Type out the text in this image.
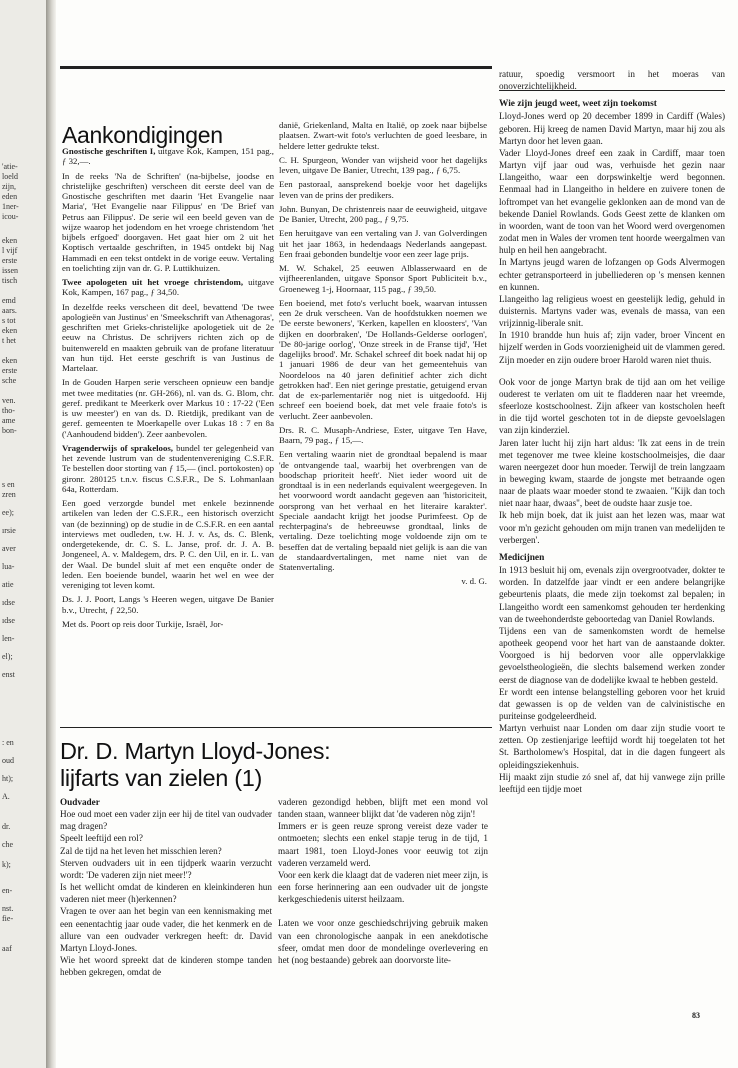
'atie-
loeld
zijn,
eden
1ner-
icou-
eken
l vijf
erste
issen
tisch
emd
aars.
s tot
eken
t het
eken
erste
sche
ven.
tho-
ame
bon-
s en
zren
ee);
ırsie
aver
lua-
atie
ıdse
ıdse
len-
el);
enst
: en
oud
ht);
A.
dr.
che
k);
en-
nst.
fie-
aaf
Aankondigingen

Gnostische geschriften I, uitgave Kok, Kampen, 151 pag., ƒ 32,—.

In de reeks 'Na de Schriften' (na-bijbelse, joodse en christelijke geschriften) verscheen dit eerste deel van de Gnostische geschriften met daarin 'Het Evangelie naar Maria', 'Het Evangelie naar Filippus' en 'De Brief van Petrus aan Filippus'. De serie wil een beeld geven van de wijze waarop het jodendom en het vroege christendom 'het bijbels erfgoed' doorgaven. Het gaat hier om 2 uit het Koptisch vertaalde geschriften, in 1945 ontdekt bij Nag Hammadi en een tekst ontdekt in de vorige eeuw. Vertaling en toelichting zijn van dr. G. P. Luttikhuizen.

Twee apologeten uit het vroege christendom, uitgave Kok, Kampen, 167 pag., ƒ 34,50.

In dezelfde reeks verscheen dit deel, bevattend 'De twee apologieën van Justinus' en 'Smeekschrift van Athenagoras', geschriften met Grieks-christelijke apologetiek uit de 2e eeuw na Christus. De schrijvers richten zich op de buitenwereld en maakten gebruik van de profane literatuur van hun tijd. Het eerste geschrift is van Justinus de Martelaar.

In de Gouden Harpen serie verscheen opnieuw een bandje met twee meditaties (nr. GH-266), nl. van ds. G. Blom, chr. geref. predikant te Meerkerk over Markus 10 : 17-22 ('Een is uw meester') en van ds. D. Rietdijk, predikant van de geref. gemeenten te Moerkapelle over Lukas 18 : 7 en 8a ('Aanhoudend bidden'). Zeer aanbevolen.

Vragenderwijs of sprakeloos, bundel ter gelegenheid van het zevende lustrum van de studentenvereniging C.S.F.R. Te bestellen door storting van ƒ 15,— (incl. portokosten) op gironr. 280125 t.n.v. fiscus C.S.F.R., De S. Lohmanlaan 64a, Rotterdam.

Een goed verzorgde bundel met enkele bezinnende artikelen van leden der C.S.F.R., een historisch overzicht van (de bezinning) op de studie in de C.S.F.R. en een aantal interviews met oudleden, t.w. H. J. v. As, ds. C. Blenk, ondergetekende, dr. C. S. L. Janse, prof. dr. J. A. B. Jongeneel, A. v. Maldegem, drs. P. C. den Uil, en ir. L. van der Waal. De bundel sluit af met een enquête onder de leden. Een boeiende bundel, waarin het wel en wee der vereniging tot leven komt.

Ds. J. J. Poort, Langs 's Heeren wegen, uitgave De Banier b.v., Utrecht, ƒ 22,50.

Met ds. Poort op reis door Turkije, Israël, Jor-

danië, Griekenland, Malta en Italië, op zoek naar bijbelse plaatsen. Zwart-wit foto's verluchten de goed leesbare, in heldere letter gedrukte tekst.

C. H. Spurgeon, Wonder van wijsheid voor het dagelijks leven, uitgave De Banier, Utrecht, 139 pag., ƒ 6,75.

Een pastoraal, aansprekend boekje voor het dagelijks leven van de prins der predikers.

John. Bunyan, De christenreis naar de eeuwigheid, uitgave De Banier, Utrecht, 200 pag., ƒ 9,75.

Een heruitgave van een vertaling van J. van Golverdingen uit het jaar 1863, in hedendaags Nederlands aangepast. Een fraai gebonden bundeltje voor een zeer lage prijs.

M. W. Schakel, 25 eeuwen Alblasserwaard en de vijfheerenlanden, uitgave Sponsor Sport Publiciteit b.v., Groeneweg 1-j, Hoornaar, 115 pag., ƒ 39,50.

Een boeiend, met foto's verlucht boek, waarvan intussen een 2e druk verscheen. Van de hoofdstukken noemen we 'De eerste bewoners', 'Kerken, kapellen en kloosters', 'Van dijken en doorbraken', 'De Hollands-Gelderse oorlogen', 'De 80-jarige oorlog', 'Onze streek in de Franse tijd', 'Het dagelijks brood'. Mr. Schakel schreef dit boek nadat hij op 1 januari 1986 de deur van het gemeentehuis van Noordeloos na 40 jaren definitief achter zich dicht getrokken had'. Een niet geringe prestatie, getuigend ervan dat de ex-parlementariër nog niet is uitgedoofd. Hij schreef een boeiend boek, dat met vele fraaie foto's is verlucht. Zeer aanbevolen.

Drs. R. C. Musaph-Andriese, Ester, uitgave Ten Have, Baarn, 79 pag., ƒ 15,—.

Een vertaling waarin niet de grondtaal bepalend is maar 'de ontvangende taal, waarbij het overbrengen van de boodschap prioriteit heeft'. Niet ieder woord uit de grondtaal is in een nederlands equivalent weergegeven. In het voorwoord wordt aandacht gegeven aan 'historiciteit, oorsprong van het verhaal en het literaire karakter'. Speciale aandacht krijgt het joodse Purimfeest. Op de rechterpagina's de hebreeuwse grondtaal, links de vertaling. Deze toelichting moge voldoende zijn om te beseffen dat de vertaling bepaald niet gelijk is aan die van de standaardvertalingen, met name niet van de Statenvertaling.

v. d. G.

Dr. D. Martyn Lloyd-Jones:
lijfarts van zielen (1)
Oudvader

Hoe oud moet een vader zijn eer hij de titel van oudvader mag dragen?

Speelt leeftijd een rol?

Zal de tijd na het leven het misschien leren?

Sterven oudvaders uit in een tijdperk waarin verzucht wordt: 'De vaderen zijn niet meer!'?

Is het wellicht omdat de kinderen en kleinkinderen hun vaderen niet meer (h)erkennen?

Vragen te over aan het begin van een kennismaking met een eenentachtig jaar oude vader, die het kenmerk en de allure van een oudvader verkregen heeft: dr. David Martyn Lloyd-Jones.

Wie het woord spreekt dat de kinderen stompe tanden hebben gekregen, omdat de

vaderen gezondigd hebben, blijft met een mond vol tanden staan, wanneer blijkt dat 'de vaderen nòg zijn'!

Immers er is geen reuze sprong vereist deze vader te ontmoeten; slechts een enkel stapje terug in de tijd, 1 maart 1981, toen Lloyd-Jones voor eeuwig tot zijn vaderen verzameld werd.

Voor een kerk die klaagt dat de vaderen niet meer zijn, is een forse herinnering aan een oudvader uit de jongste kerkgeschiedenis uiterst heilzaam.

Laten we voor onze geschiedschrijving gebruik maken van een chronologische aanpak in een anekdotische sfeer, omdat men door de mondelinge overlevering en het (nog bestaande) gebrek aan doorvorste lite-

ratuur, spoedig versmoort in het moeras van onoverzichtelijkheid.

Wie zijn jeugd weet, weet zijn toekomst

Lloyd-Jones werd op 20 december 1899 in Cardiff (Wales) geboren. Hij kreeg de namen David Martyn, maar hij zou als Martyn door het leven gaan.

Vader Lloyd-Jones dreef een zaak in Cardiff, maar toen Martyn vijf jaar oud was, verhuisde het gezin naar Llangeitho, waar een dorpswinkeltje werd begonnen. Eenmaal had in Llangeitho in heldere en zuivere tonen de loftrompet van het evangelie geklonken aan de mond van de bekende Daniel Rowlands. Gods Geest zette de klanken om in woorden, want de toon van het Woord werd overgenomen zodat men in Wales der vromen tent hoorde weergalmen van hulp en heil hen aangebracht.

In Martyns jeugd waren de lofzangen op Gods Alvermogen echter getransporteerd in jubelliederen op 's mensen kennen en kunnen.

Llangeitho lag religieus woest en geestelijk ledig, gehuld in duisternis. Martyns vader was, evenals de massa, van een vrijzinnig-liberale snit.

In 1910 brandde hun huis af; zijn vader, broer Vincent en hijzelf werden in Gods voorzienigheid uit de vlammen gered. Zijn moeder en zijn oudere broer Harold waren niet thuis.

Ook voor de jonge Martyn brak de tijd aan om het veilige ouderest te verlaten om uit te fladderen naar het vreemde, sfeerloze kostschoolnest. Zijn afkeer van kostscholen heeft in die tijd wortel geschoten tot in de diepste gevoelslagen van zijn kinderziel.

Jaren later lucht hij zijn hart aldus: 'Ik zat eens in de trein met tegenover me twee kleine kostschoolmeisjes, die daar waren neergezet door hun moeder. Terwijl de trein langzaam in beweging kwam, staarde de jongste met betraande ogen naar de plaats waar moeder stond te zwaaien. "Kijk dan toch niet naar haar, dwaas", beet de oudste haar zusje toe.

Ik heb mijn boek, dat ik juist aan het lezen was, maar wat voor m'n gezicht gehouden om mijn tranen van medelijden te verbergen'.

Medicijnen

In 1913 besluit hij om, evenals zijn overgrootvader, dokter te worden. In datzelfde jaar vindt er een andere belangrijke gebeurtenis plaats, die mede zijn toekomst zal bepalen; in Llangeitho wordt een samenkomst gehouden ter herdenking van de tweehonderdste geboortedag van Daniel Rowlands.

Tijdens een van de samenkomsten wordt de hemelse apotheek geopend voor het hart van de aanstaande dokter. Voorgoed is hij bedorven voor alle oppervlakkige gevoelstheologieën, die slechts balsemend werken zonder eerst de diagnose van de dodelijke kwaal te hebben gesteld.

Er wordt een intense belangstelling geboren voor het kruid dat gewassen is op de velden van de calvinistische en puriteinse godgeleerdheid.

Martyn verhuist naar Londen om daar zijn studie voort te zetten. Op zestienjarige leeftijd wordt hij toegelaten tot het St. Bartholomew's Hospital, dat in die dagen fungeert als opleidingsziekenhuis.

Hij maakt zijn studie zó snel af, dat hij vanwege zijn prille leeftijd een tijdje moet

83
